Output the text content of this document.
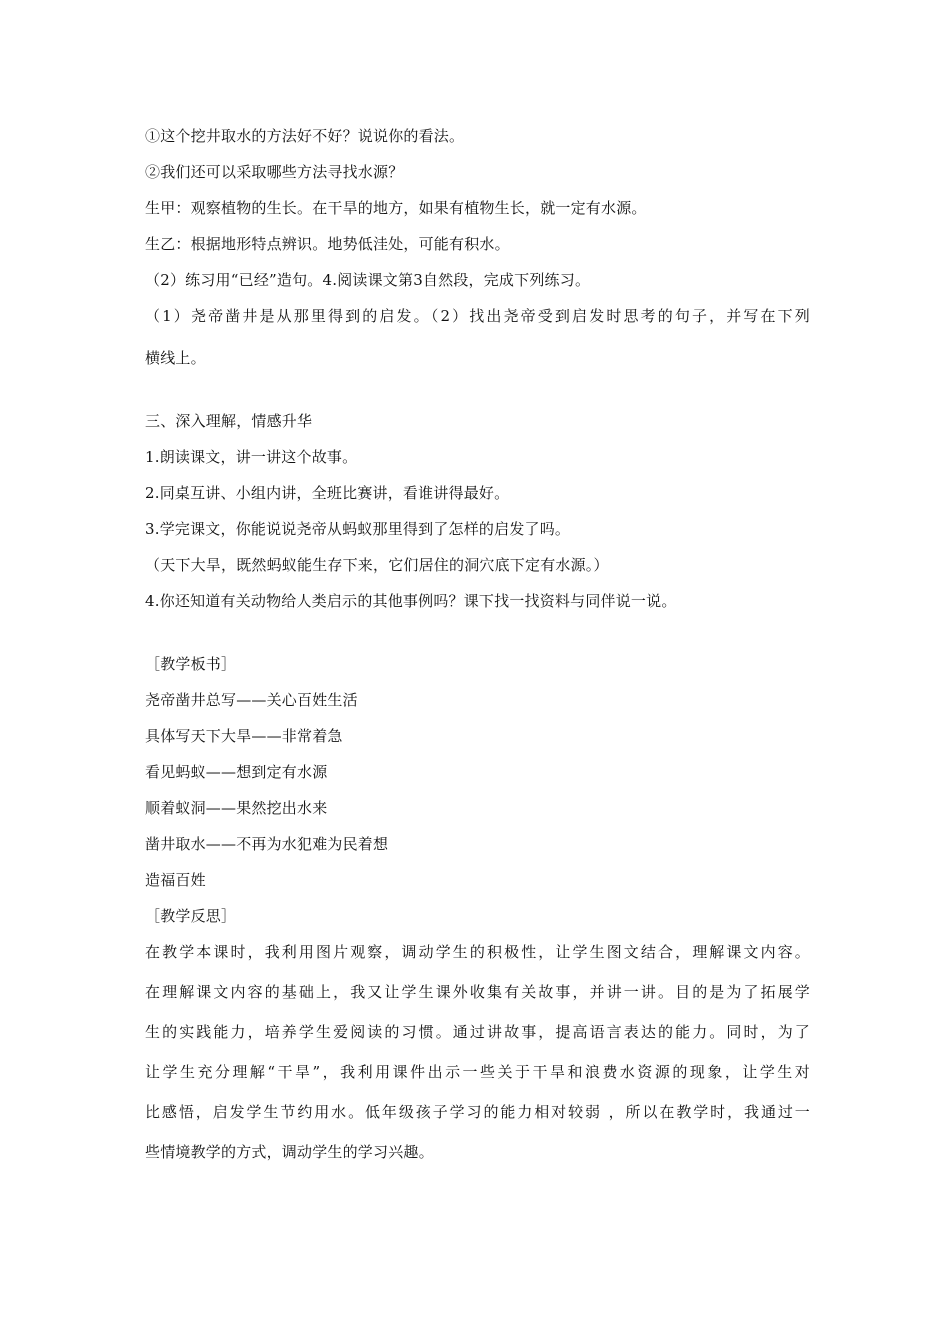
①这个挖井取水的方法好不好？说说你的看法。
②我们还可以采取哪些方法寻找水源？
生甲：观察植物的生长。在干旱的地方，如果有植物生长，就一定有水源。
生乙：根据地形特点辨识。地势低洼处，可能有积水。
（2）练习用“已经”造句。4.阅读课文第3自然段，完成下列练习。
（1）尧帝凿井是从那里得到的启发。（2）找出尧帝受到启发时思考的句子，并写在下列
横线上。
三、深入理解，情感升华
1.朗读课文，讲一讲这个故事。
2.同桌互讲、小组内讲，全班比赛讲，看谁讲得最好。
3.学完课文，你能说说尧帝从蚂蚁那里得到了怎样的启发了吗。
（天下大旱，既然蚂蚁能生存下来，它们居住的洞穴底下定有水源。）
4.你还知道有关动物给人类启示的其他事例吗？课下找一找资料与同伴说一说。
［教学板书］
尧帝凿井总写——关心百姓生活
具体写天下大旱——非常着急
看见蚂蚁——想到定有水源
顺着蚁洞——果然挖出水来
凿井取水——不再为水犯难为民着想
造福百姓
［教学反思］
在教学本课时，我利用图片观察，调动学生的积极性，让学生图文结合，理解课文内容。
在理解课文内容的基础上，我又让学生课外收集有关故事，并讲一讲。目的是为了拓展学
生的实践能力，培养学生爱阅读的习惯。通过讲故事，提高语言表达的能力。同时，为了
让学生充分理解“干旱”，我利用课件出示一些关于干旱和浪费水资源的现象，让学生对
比感悟，启发学生节约用水。低年级孩子学习的能力相对较弱 ，所以在教学时，我通过一
些情境教学的方式，调动学生的学习兴趣。
